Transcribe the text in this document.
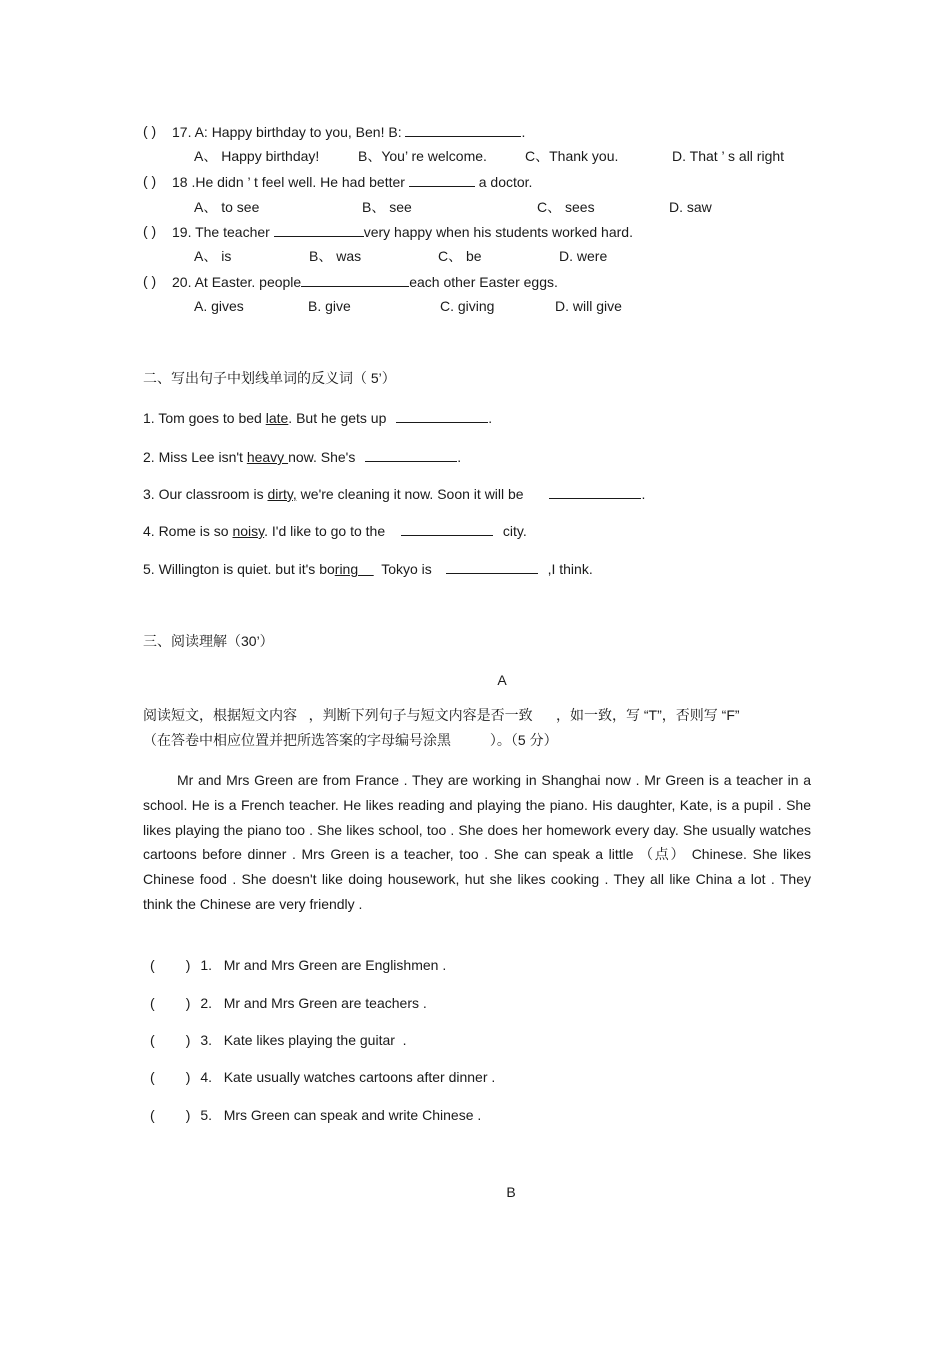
( ) 17. A: Happy birthday to you, Ben! B:	.
A、 Happy birthday!	B、You’ re welcome.	C、Thank you.	D. That ’ s all right
( ) 18 .He didn ’ t feel well. He had better	a doctor.
A、 to see	B、 see	C、 sees	D. saw
( ) 19. The teacher	very happy when his students worked hard.
A、 is	B、 was	C、 be	D. were
( ) 20. At Easter. people	each other Easter eggs.
A. gives	B. give	C. giving	D. will give
二、写出句子中划线单词的反义词（ 5’）
1. Tom goes to bed late. But he gets up	.
2. Miss Lee isn't heavy now. She's	.
3. Our classroom is dirty, we're cleaning it now. Soon it will be	.
4. Rome is so noisy. I'd like to go to the	city.
5. Willington is quiet. but it's boring      Tokyo is	,I think.
三、阅读理解（30’）
A
阅读短文，根据短文内容   ，判断下列句子与短文内容是否一致      ，如一致，写 “T”，否则写 “F”
（在答卷中相应位置并把所选答案的字母编号涂黑          ）。（5 分）
Mr and Mrs Green are from France . They are working in Shanghai now . Mr Green is a teacher in a school. He is a French teacher. He likes reading and playing the piano. His daughter, Kate, is a pupil . She likes playing the piano too . She likes school, too . She does her homework every day. She usually watches cartoons before dinner . Mrs Green is a teacher, too . She can speak a little （点） Chinese. She likes Chinese food . She doesn't like doing housework, hut she likes cooking . They all like China a lot . They think the Chinese are very friendly .
(        ) 1.   Mr and Mrs Green are Englishmen .
(        ) 2.   Mr and Mrs Green are teachers .
(        ) 3.   Kate likes playing the guitar  .
(        ) 4.   Kate usually watches cartoons after dinner .
(        ) 5.   Mrs Green can speak and write Chinese .
B
